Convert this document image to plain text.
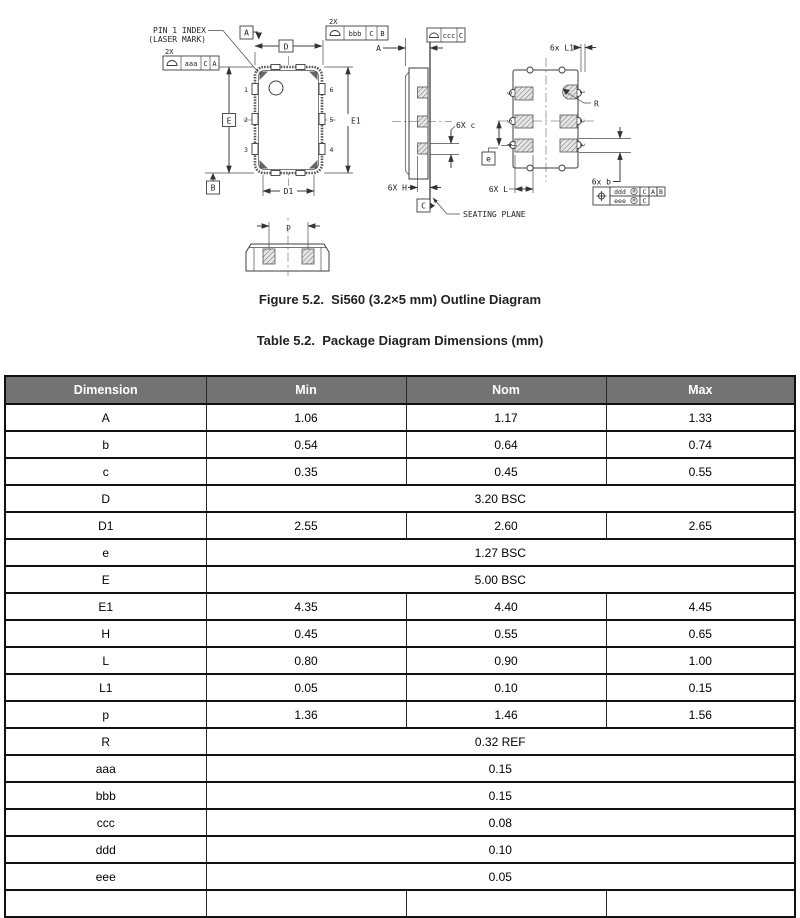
1
2
3
6
5
4
D
E
B
E1
D1
A
2X
aaa C A
2X
bbb C B
PIN 1 INDEX
(LASER MARK)
p
ccc C
A
6X c
6X H
C
SEATING PLANE
6
5
4
1
2
3
R
6x L1
e
6X L
6x b
ddd M C A B
eee M C
Figure 5.2.  Si560 (3.2×5 mm) Outline Diagram
Table 5.2.  Package Diagram Dimensions (mm)
Dimension	Min	Nom	Max
A	1.06	1.17	1.33
b	0.54	0.64	0.74
c	0.35	0.45	0.55
D	3.20 BSC		
D1	2.55	2.60	2.65
e	1.27 BSC		
E	5.00 BSC		
E1	4.35	4.40	4.45
H	0.45	0.55	0.65
L	0.80	0.90	1.00
L1	0.05	0.10	0.15
p	1.36	1.46	1.56
R	0.32 REF		
aaa	0.15		
bbb	0.15		
ccc	0.08		
ddd	0.10		
eee	0.05		
